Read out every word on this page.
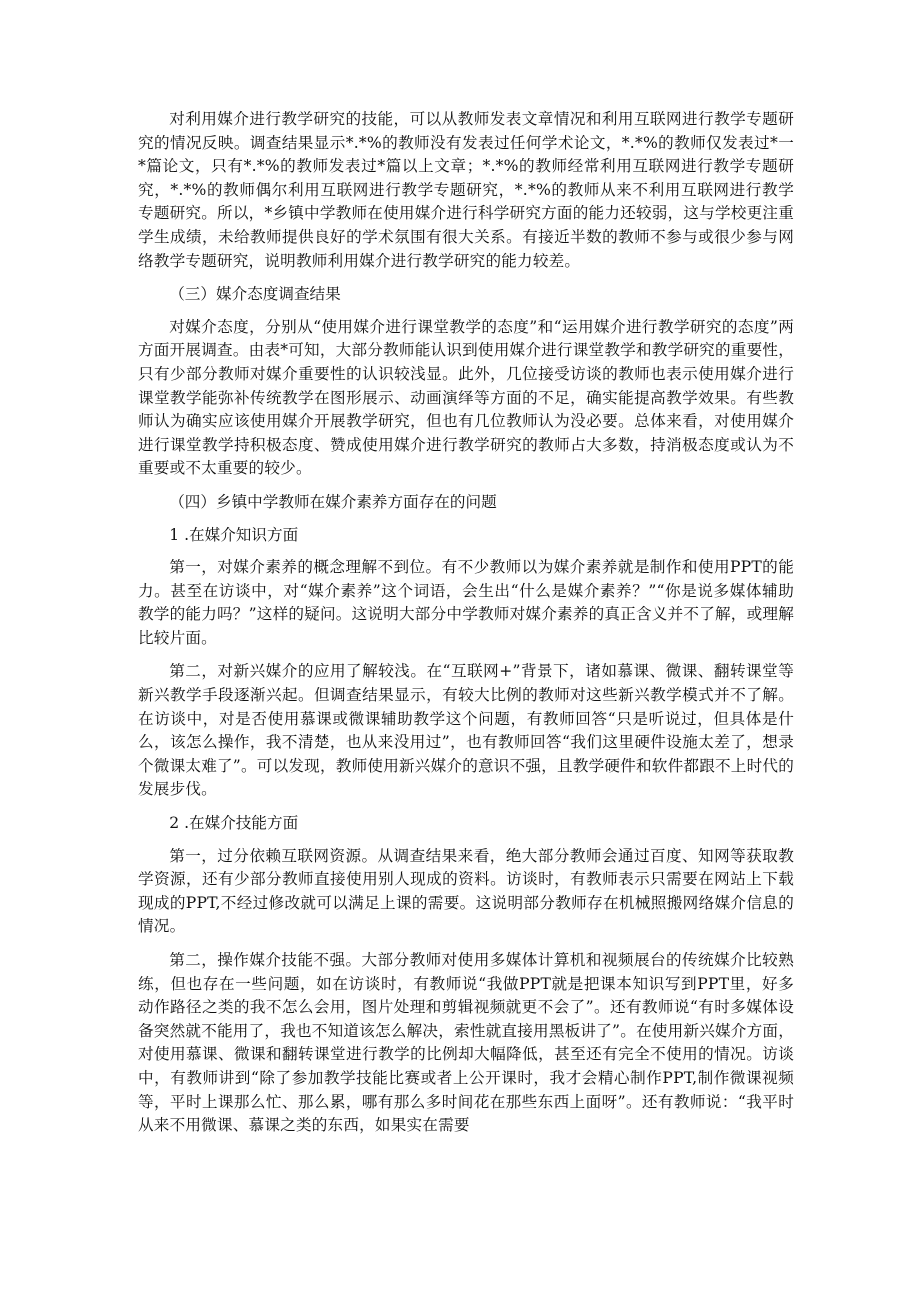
对利用媒介进行教学研究的技能，可以从教师发表文章情况和利用互联网进行教学专题研究的情况反映。调查结果显示*.*%的教师没有发表过任何学术论文，*.*%的教师仅发表过*一*篇论文，只有*.*%的教师发表过*篇以上文章；*.*%的教师经常利用互联网进行教学专题研究，*.*%的教师偶尔利用互联网进行教学专题研究，*.*%的教师从来不利用互联网进行教学专题研究。所以，*乡镇中学教师在使用媒介进行科学研究方面的能力还较弱，这与学校更注重学生成绩，未给教师提供良好的学术氛围有很大关系。有接近半数的教师不参与或很少参与网络教学专题研究，说明教师利用媒介进行教学研究的能力较差。

（三）媒介态度调查结果

对媒介态度，分别从“使用媒介进行课堂教学的态度”和“运用媒介进行教学研究的态度”两方面开展调查。由表*可知，大部分教师能认识到使用媒介进行课堂教学和教学研究的重要性，只有少部分教师对媒介重要性的认识较浅显。此外，几位接受访谈的教师也表示使用媒介进行课堂教学能弥补传统教学在图形展示、动画演绎等方面的不足，确实能提高教学效果。有些教师认为确实应该使用媒介开展教学研究，但也有几位教师认为没必要。总体来看，对使用媒介进行课堂教学持积极态度、赞成使用媒介进行教学研究的教师占大多数，持消极态度或认为不重要或不太重要的较少。

（四）乡镇中学教师在媒介素养方面存在的问题

1 .在媒介知识方面

第一，对媒介素养的概念理解不到位。有不少教师以为媒介素养就是制作和使用PPT的能力。甚至在访谈中，对“媒介素养”这个词语，会生出“什么是媒介素养？”“你是说多媒体辅助教学的能力吗？”这样的疑问。这说明大部分中学教师对媒介素养的真正含义并不了解，或理解比较片面。

第二，对新兴媒介的应用了解较浅。在“互联网+”背景下，诸如慕课、微课、翻转课堂等新兴教学手段逐渐兴起。但调查结果显示，有较大比例的教师对这些新兴教学模式并不了解。在访谈中，对是否使用慕课或微课辅助教学这个问题，有教师回答“只是听说过，但具体是什么，该怎么操作，我不清楚，也从来没用过”，也有教师回答“我们这里硬件设施太差了，想录个微课太难了”。可以发现，教师使用新兴媒介的意识不强，且教学硬件和软件都跟不上时代的发展步伐。

2 .在媒介技能方面

第一，过分依赖互联网资源。从调查结果来看，绝大部分教师会通过百度、知网等获取教学资源，还有少部分教师直接使用别人现成的资料。访谈时，有教师表示只需要在网站上下载现成的PPT,不经过修改就可以满足上课的需要。这说明部分教师存在机械照搬网络媒介信息的情况。

第二，操作媒介技能不强。大部分教师对使用多媒体计算机和视频展台的传统媒介比较熟练，但也存在一些问题，如在访谈时，有教师说“我做PPT就是把课本知识写到PPT里，好多动作路径之类的我不怎么会用，图片处理和剪辑视频就更不会了”。还有教师说“有时多媒体设备突然就不能用了，我也不知道该怎么解决，索性就直接用黑板讲了”。在使用新兴媒介方面，对使用慕课、微课和翻转课堂进行教学的比例却大幅降低，甚至还有完全不使用的情况。访谈中，有教师讲到“除了参加教学技能比赛或者上公开课时，我才会精心制作PPT,制作微课视频等，平时上课那么忙、那么累，哪有那么多时间花在那些东西上面呀”。还有教师说：“我平时从来不用微课、慕课之类的东西，如果实在需要
